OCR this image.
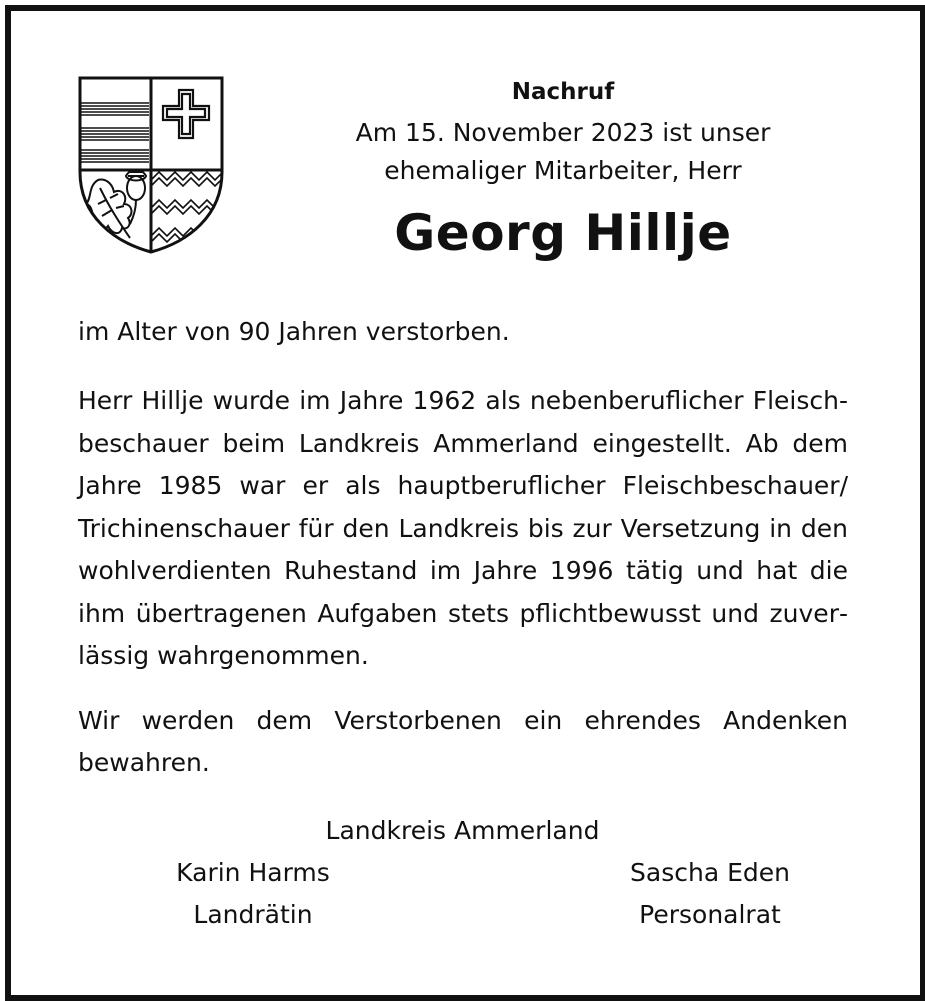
Nachruf
Am 15. November 2023 ist unser
ehemaliger Mitarbeiter, Herr
Georg Hillje
im Alter von 90 Jahren verstorben.
Herr Hillje wurde im Jahre 1962 als nebenberuflicher Fleischbeschauer beim Landkreis Ammerland eingestellt. Ab dem Jahre 1985 war er als hauptberuflicher Fleischbeschauer/​Trichinenschauer für den Landkreis bis zur Versetzung in den wohlverdienten Ruhestand im Jahre 1996 tätig und hat die ihm übertragenen Aufgaben stets pflichtbewusst und zuverlässig wahrgenommen.
Wir werden dem Verstorbenen ein ehrendes Andenken bewahren.
Landkreis Ammerland
Karin Harms
Landrätin
Sascha Eden
Personalrat
